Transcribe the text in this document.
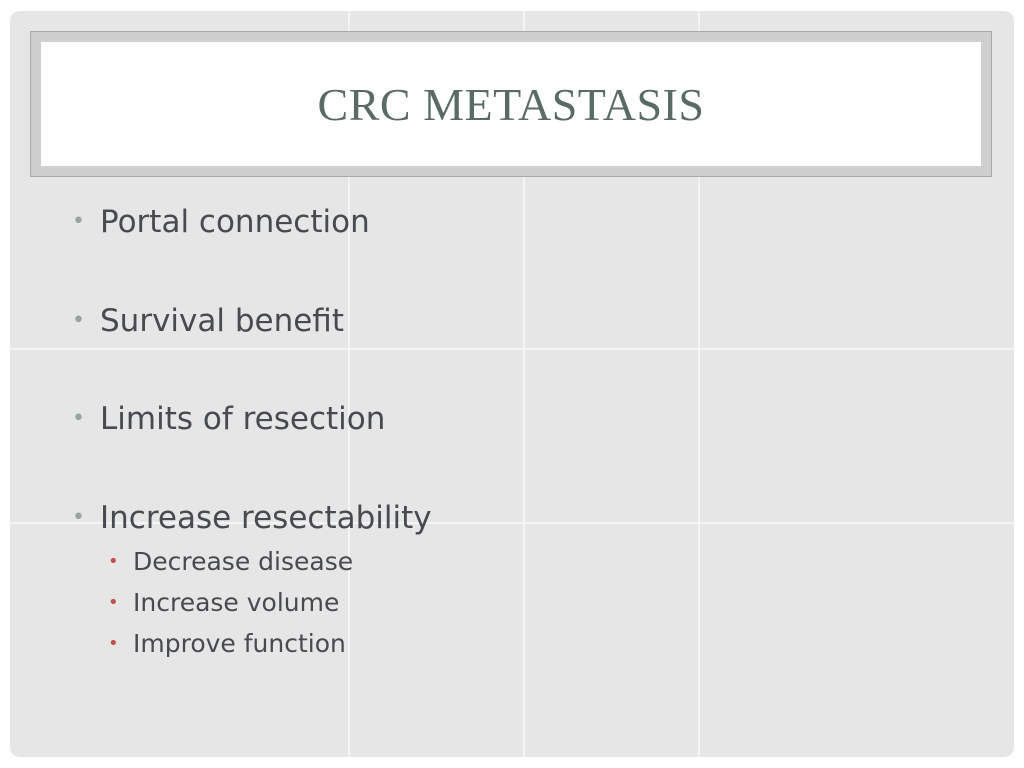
CRC METASTASIS
• Portal connection
• Survival benefit
• Limits of resection
• Increase resectability
• Decrease disease
• Increase volume
• Improve function
